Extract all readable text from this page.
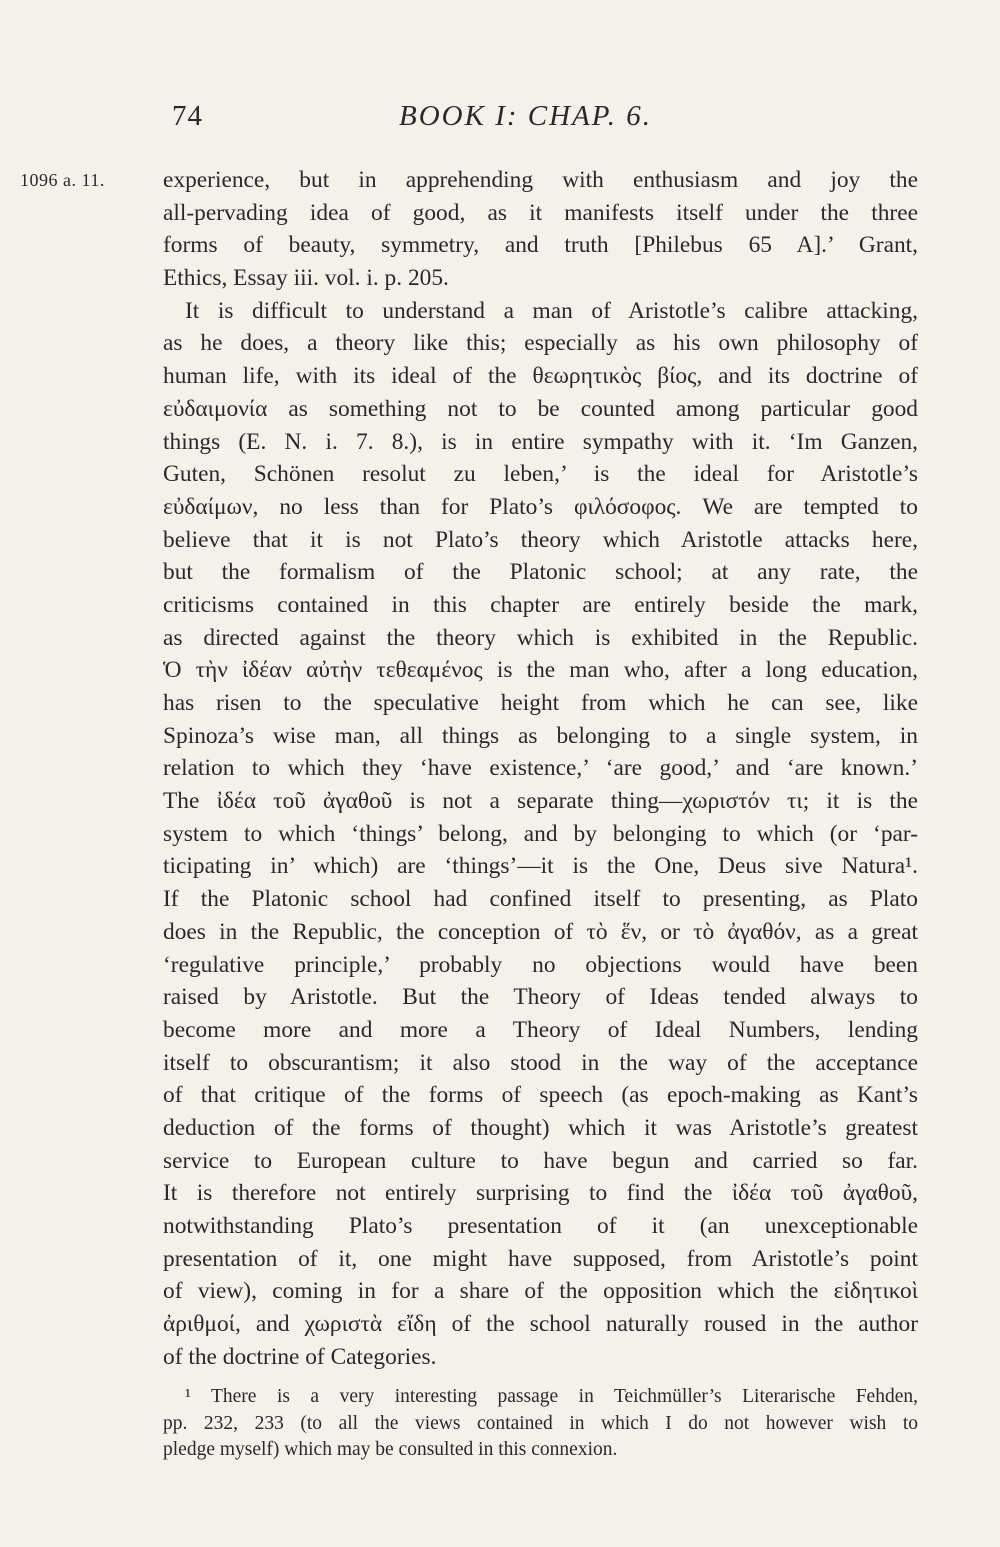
74	BOOK I: CHAP. 6.
1096 a. 11. experience, but in apprehending with enthusiasm and joy the
all-pervading idea of good, as it manifests itself under the three
forms of beauty, symmetry, and truth [Philebus 65 A].’ Grant,
Ethics, Essay iii. vol. i. p. 205.
It is difficult to understand a man of Aristotle’s calibre attacking,
as he does, a theory like this; especially as his own philosophy of
human life, with its ideal of the θεωρητικὸς βίος, and its doctrine of
εὐδαιμονία as something not to be counted among particular good
things (E. N. i. 7. 8.), is in entire sympathy with it. ‘Im Ganzen,
Guten, Schönen resolut zu leben,’ is the ideal for Aristotle’s
εὐδαίμων, no less than for Plato’s φιλόσοφος. We are tempted to
believe that it is not Plato’s theory which Aristotle attacks here,
but the formalism of the Platonic school; at any rate, the
criticisms contained in this chapter are entirely beside the mark,
as directed against the theory which is exhibited in the Republic.
Ὁ τὴν ἰδέαν αὐτὴν τεθεαμένος is the man who, after a long education,
has risen to the speculative height from which he can see, like
Spinoza’s wise man, all things as belonging to a single system, in
relation to which they ‘have existence,’ ‘are good,’ and ‘are known.’
The ἰδέα τοῦ ἀγαθοῦ is not a separate thing—χωριστόν τι; it is the
system to which ‘things’ belong, and by belonging to which (or ‘par-
ticipating in’ which) are ‘things’—it is the One, Deus sive Natura¹.
If the Platonic school had confined itself to presenting, as Plato
does in the Republic, the conception of τὸ ἕν, or τὸ ἀγαθόν, as a great
‘regulative principle,’ probably no objections would have been
raised by Aristotle. But the Theory of Ideas tended always to
become more and more a Theory of Ideal Numbers, lending
itself to obscurantism; it also stood in the way of the acceptance
of that critique of the forms of speech (as epoch-making as Kant’s
deduction of the forms of thought) which it was Aristotle’s greatest
service to European culture to have begun and carried so far.
It is therefore not entirely surprising to find the ἰδέα τοῦ ἀγαθοῦ,
notwithstanding Plato’s presentation of it (an unexceptionable
presentation of it, one might have supposed, from Aristotle’s point
of view), coming in for a share of the opposition which the εἰδητικοὶ
ἀριθμοί, and χωριστὰ εἴδη of the school naturally roused in the author
of the doctrine of Categories.
¹ There is a very interesting passage in Teichmüller’s Literarische Fehden,
pp. 232, 233 (to all the views contained in which I do not however wish to
pledge myself) which may be consulted in this connexion.
